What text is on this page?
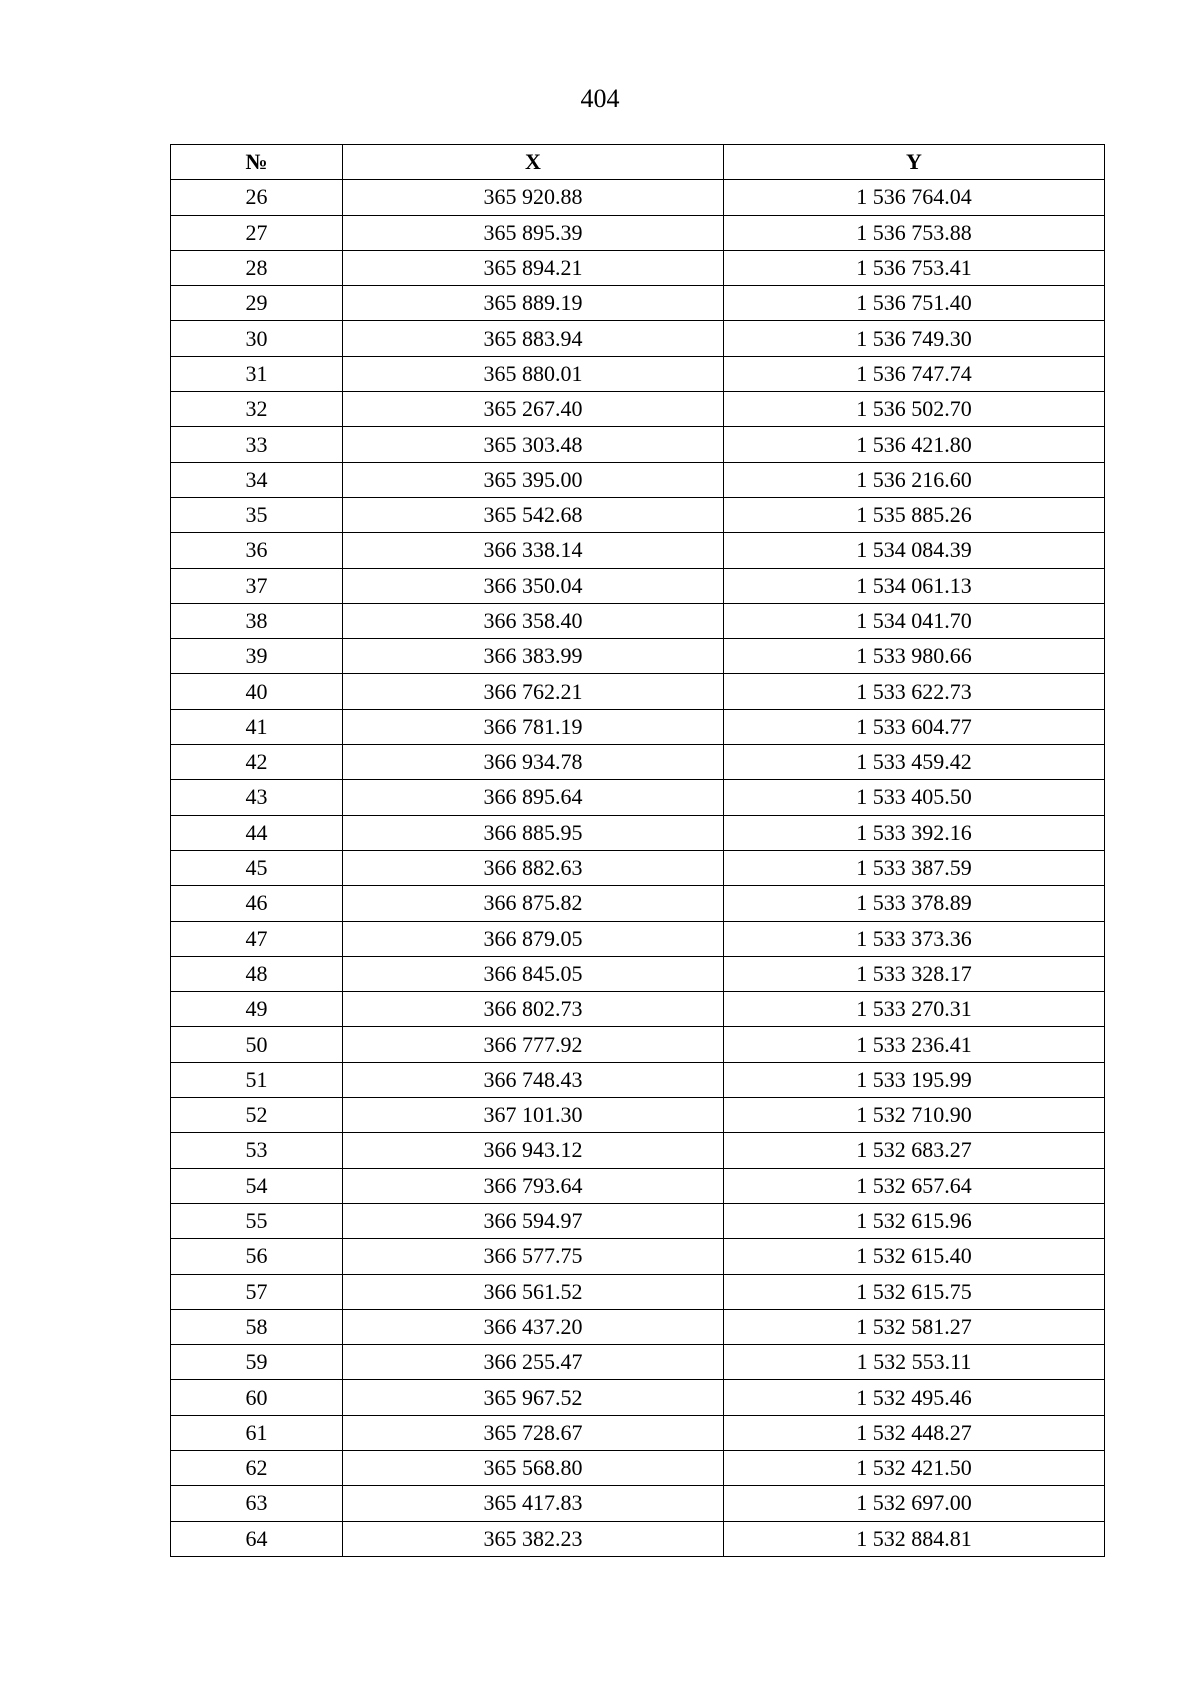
404
№	X	Y
26	365 920.88	1 536 764.04
27	365 895.39	1 536 753.88
28	365 894.21	1 536 753.41
29	365 889.19	1 536 751.40
30	365 883.94	1 536 749.30
31	365 880.01	1 536 747.74
32	365 267.40	1 536 502.70
33	365 303.48	1 536 421.80
34	365 395.00	1 536 216.60
35	365 542.68	1 535 885.26
36	366 338.14	1 534 084.39
37	366 350.04	1 534 061.13
38	366 358.40	1 534 041.70
39	366 383.99	1 533 980.66
40	366 762.21	1 533 622.73
41	366 781.19	1 533 604.77
42	366 934.78	1 533 459.42
43	366 895.64	1 533 405.50
44	366 885.95	1 533 392.16
45	366 882.63	1 533 387.59
46	366 875.82	1 533 378.89
47	366 879.05	1 533 373.36
48	366 845.05	1 533 328.17
49	366 802.73	1 533 270.31
50	366 777.92	1 533 236.41
51	366 748.43	1 533 195.99
52	367 101.30	1 532 710.90
53	366 943.12	1 532 683.27
54	366 793.64	1 532 657.64
55	366 594.97	1 532 615.96
56	366 577.75	1 532 615.40
57	366 561.52	1 532 615.75
58	366 437.20	1 532 581.27
59	366 255.47	1 532 553.11
60	365 967.52	1 532 495.46
61	365 728.67	1 532 448.27
62	365 568.80	1 532 421.50
63	365 417.83	1 532 697.00
64	365 382.23	1 532 884.81
